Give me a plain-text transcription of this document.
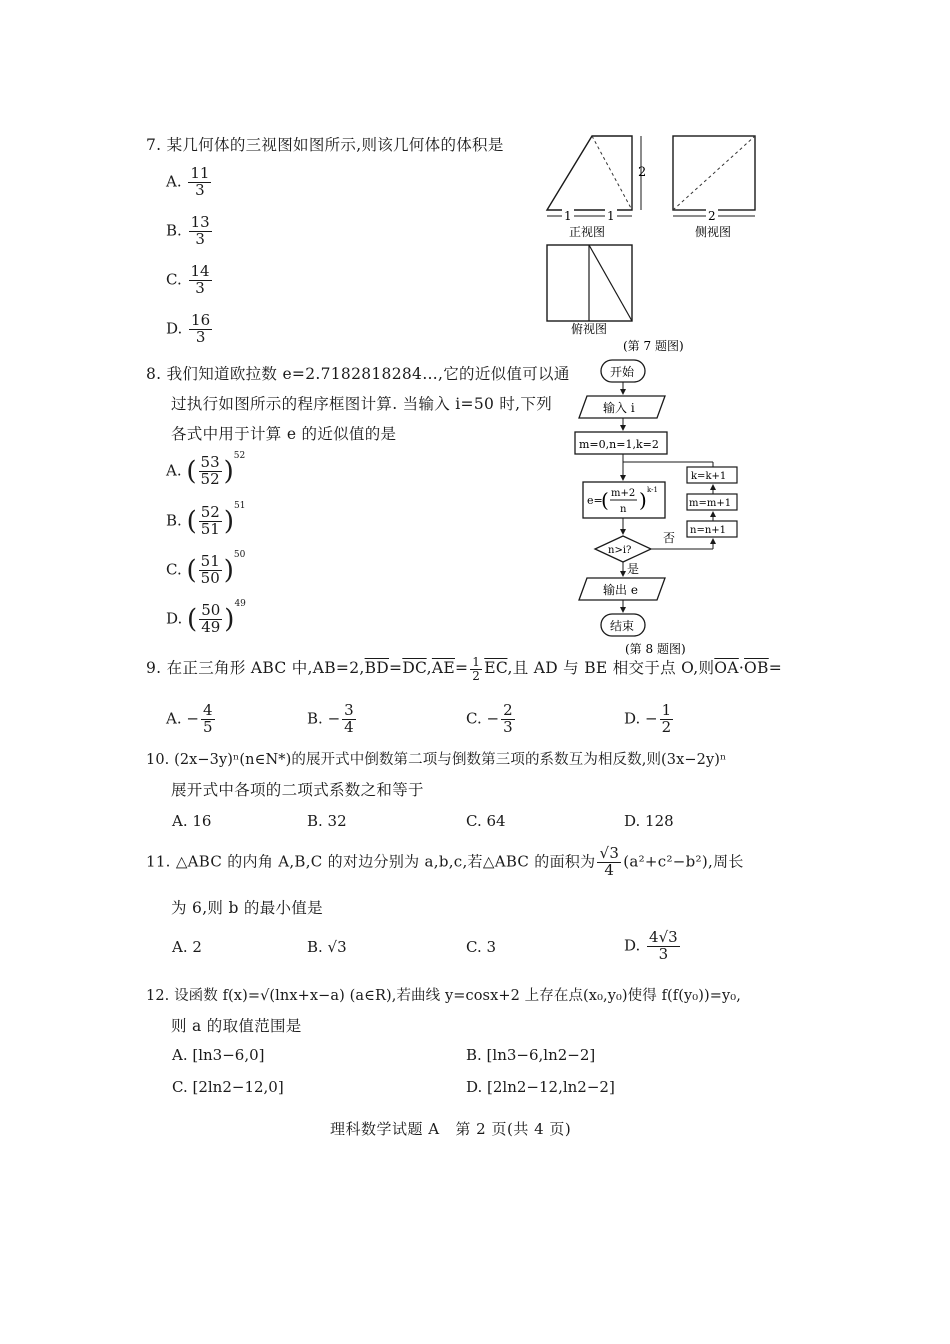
7. 某几何体的三视图如图所示,则该几何体的体积是
A. $\frac{11}{3}$
B. $\frac{13}{3}$
C. $\frac{14}{3}$
D. $\frac{16}{3}$
2
1	1
正视图
2
侧视图
俯视图
(第 7 题图)
8. 我们知道欧拉数 e=2.7182818284…,它的近似值可以通
过执行如图所示的程序框图计算. 当输入 i=50 时,下列
各式中用于计算 e 的近似值的是
A. ( $\frac{53}{52} )^{52}$
B. ( $\frac{52}{51} )^{51}$
C. ( $\frac{51}{50} )^{50}$
D. ( $\frac{50}{49} )^{49}$
开始
输入 i
m=0,n=1,k=2
e=
( m+2
n ) k-1
n>i?
否
n=n+1
m=m+1
k=k+1
是
输出 e
结束
(第 8 题图)
9. 在正三角形 ABC 中$,AB=2,\overline{BD}=\overline{DC},\overline{AE}= \frac{1}{2} \overline{EC}$,且 AD 与 BE 相交于点 O,则$\overline{OA}\cdot\overline{OB}=$
A. − $\frac{4}{5}$	B. − $\frac{3}{4}$	C. − $\frac{2}{3}$	D. − $\frac{1}{2}$
10. (2x−3y)ⁿ(n∈N*)的展开式中倒数第二项与倒数第三项的系数互为相反数,则(3x−2y)ⁿ
展开式中各项的二项式系数之和等于
A. 16	B. 32	C. 64	D. 128
11. △ABC 的内角 A,B,C 的对边分别为 a,b,c,若△ABC 的面积为 $\frac{√3}{4} (a^2+c^2-b^2)$,周长
为 6,则 b 的最小值是
A. 2	B. √3	C. 3	D. $\frac{4√3}{3}$
12. 设函数 f(x)=√(lnx+x−a) (a∈R),若曲线 y=cosx+2 上存在点(x₀,y₀)使得 f(f(y₀))=y₀,
则 a 的取值范围是
A. [ln3−6,0]	B. [ln3−6,ln2−2]
C. [2ln2−12,0]	D. [2ln2−12,ln2−2]
理科数学试题 A   第 2 页(共 4 页)
